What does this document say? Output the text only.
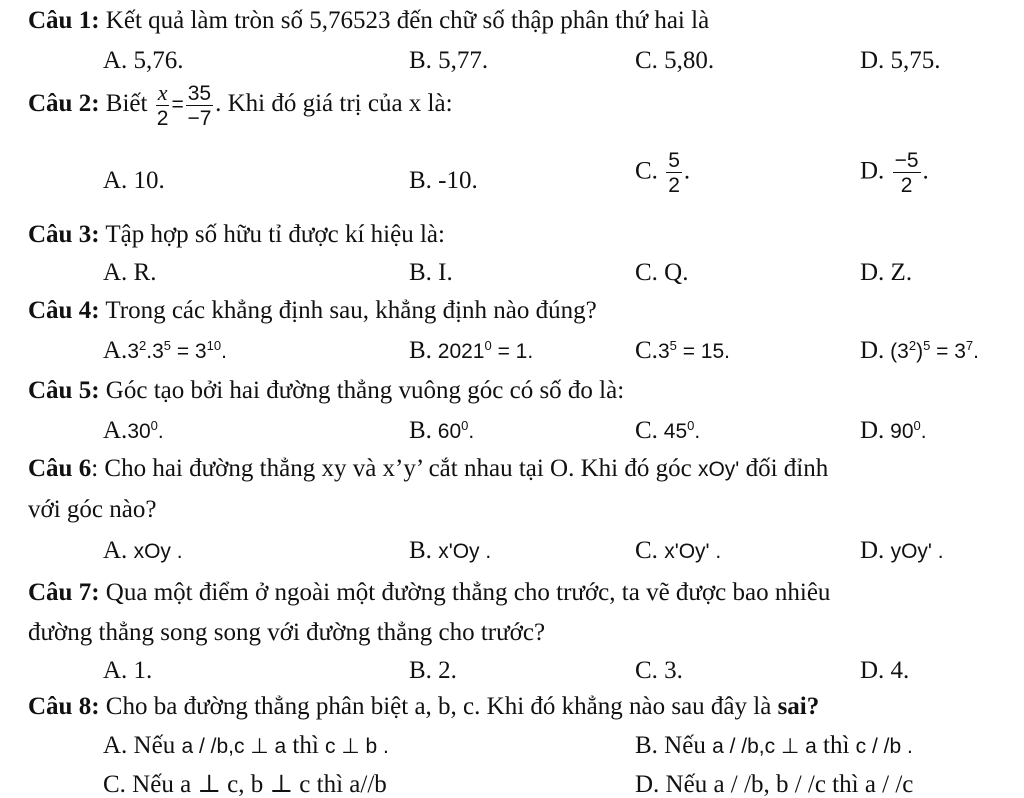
Câu 1: Kết quả làm tròn số 5,76523 đến chữ số thập phân thứ hai là
A. 5,76.	B. 5,77.	C. 5,80.	D. 5,75.
Câu 2: Biết $\frac{x}{2} = \frac{35}{-7}$ . Khi đó giá trị của x là:
A. 10.	B. -10.	C. $\frac{5}{2}$ .	D. $\frac{-5}{2}$ .
Câu 3: Tập hợp số hữu tỉ được kí hiệu là:
A. R.	B. I.	C. Q.	D. Z.
Câu 4: Trong các khẳng định sau, khẳng định nào đúng?
$A.3^2.3^5 = 3^{10}$.	B. $2021^0 = 1$.	$C.3^5 = 15$.	D. $(3^2)^5 = 3^7$.
Câu 5: Góc tạo bởi hai đường thẳng vuông góc có số đo là:
$A.30^0$.	B. $60^0$.	C. $45^0$.	D. $90^0$.
Câu 6: Cho hai đường thẳng xy và x’y’ cắt nhau tại O. Khi đó góc xOy' đối đỉnh
với góc nào?
A. xOy .	B. x'Oy .	C. x'Oy' .	D. yOy' .
Câu 7: Qua một điểm ở ngoài một đường thẳng cho trước, ta vẽ được bao nhiêu
đường thẳng song song với đường thẳng cho trước?
A. 1.	B. 2.	C. 3.	D. 4.
Câu 8: Cho ba đường thẳng phân biệt a, b, c. Khi đó khẳng nào sau đây là sai?
A. Nếu a / /b,c ⊥ a thì c ⊥ b .	B. Nếu a / /b,c ⊥ a thì c / /b .
C. Nếu a ⊥ c, b ⊥ c thì a//b	D. Nếu a / /b, b / /c thì a / /c
